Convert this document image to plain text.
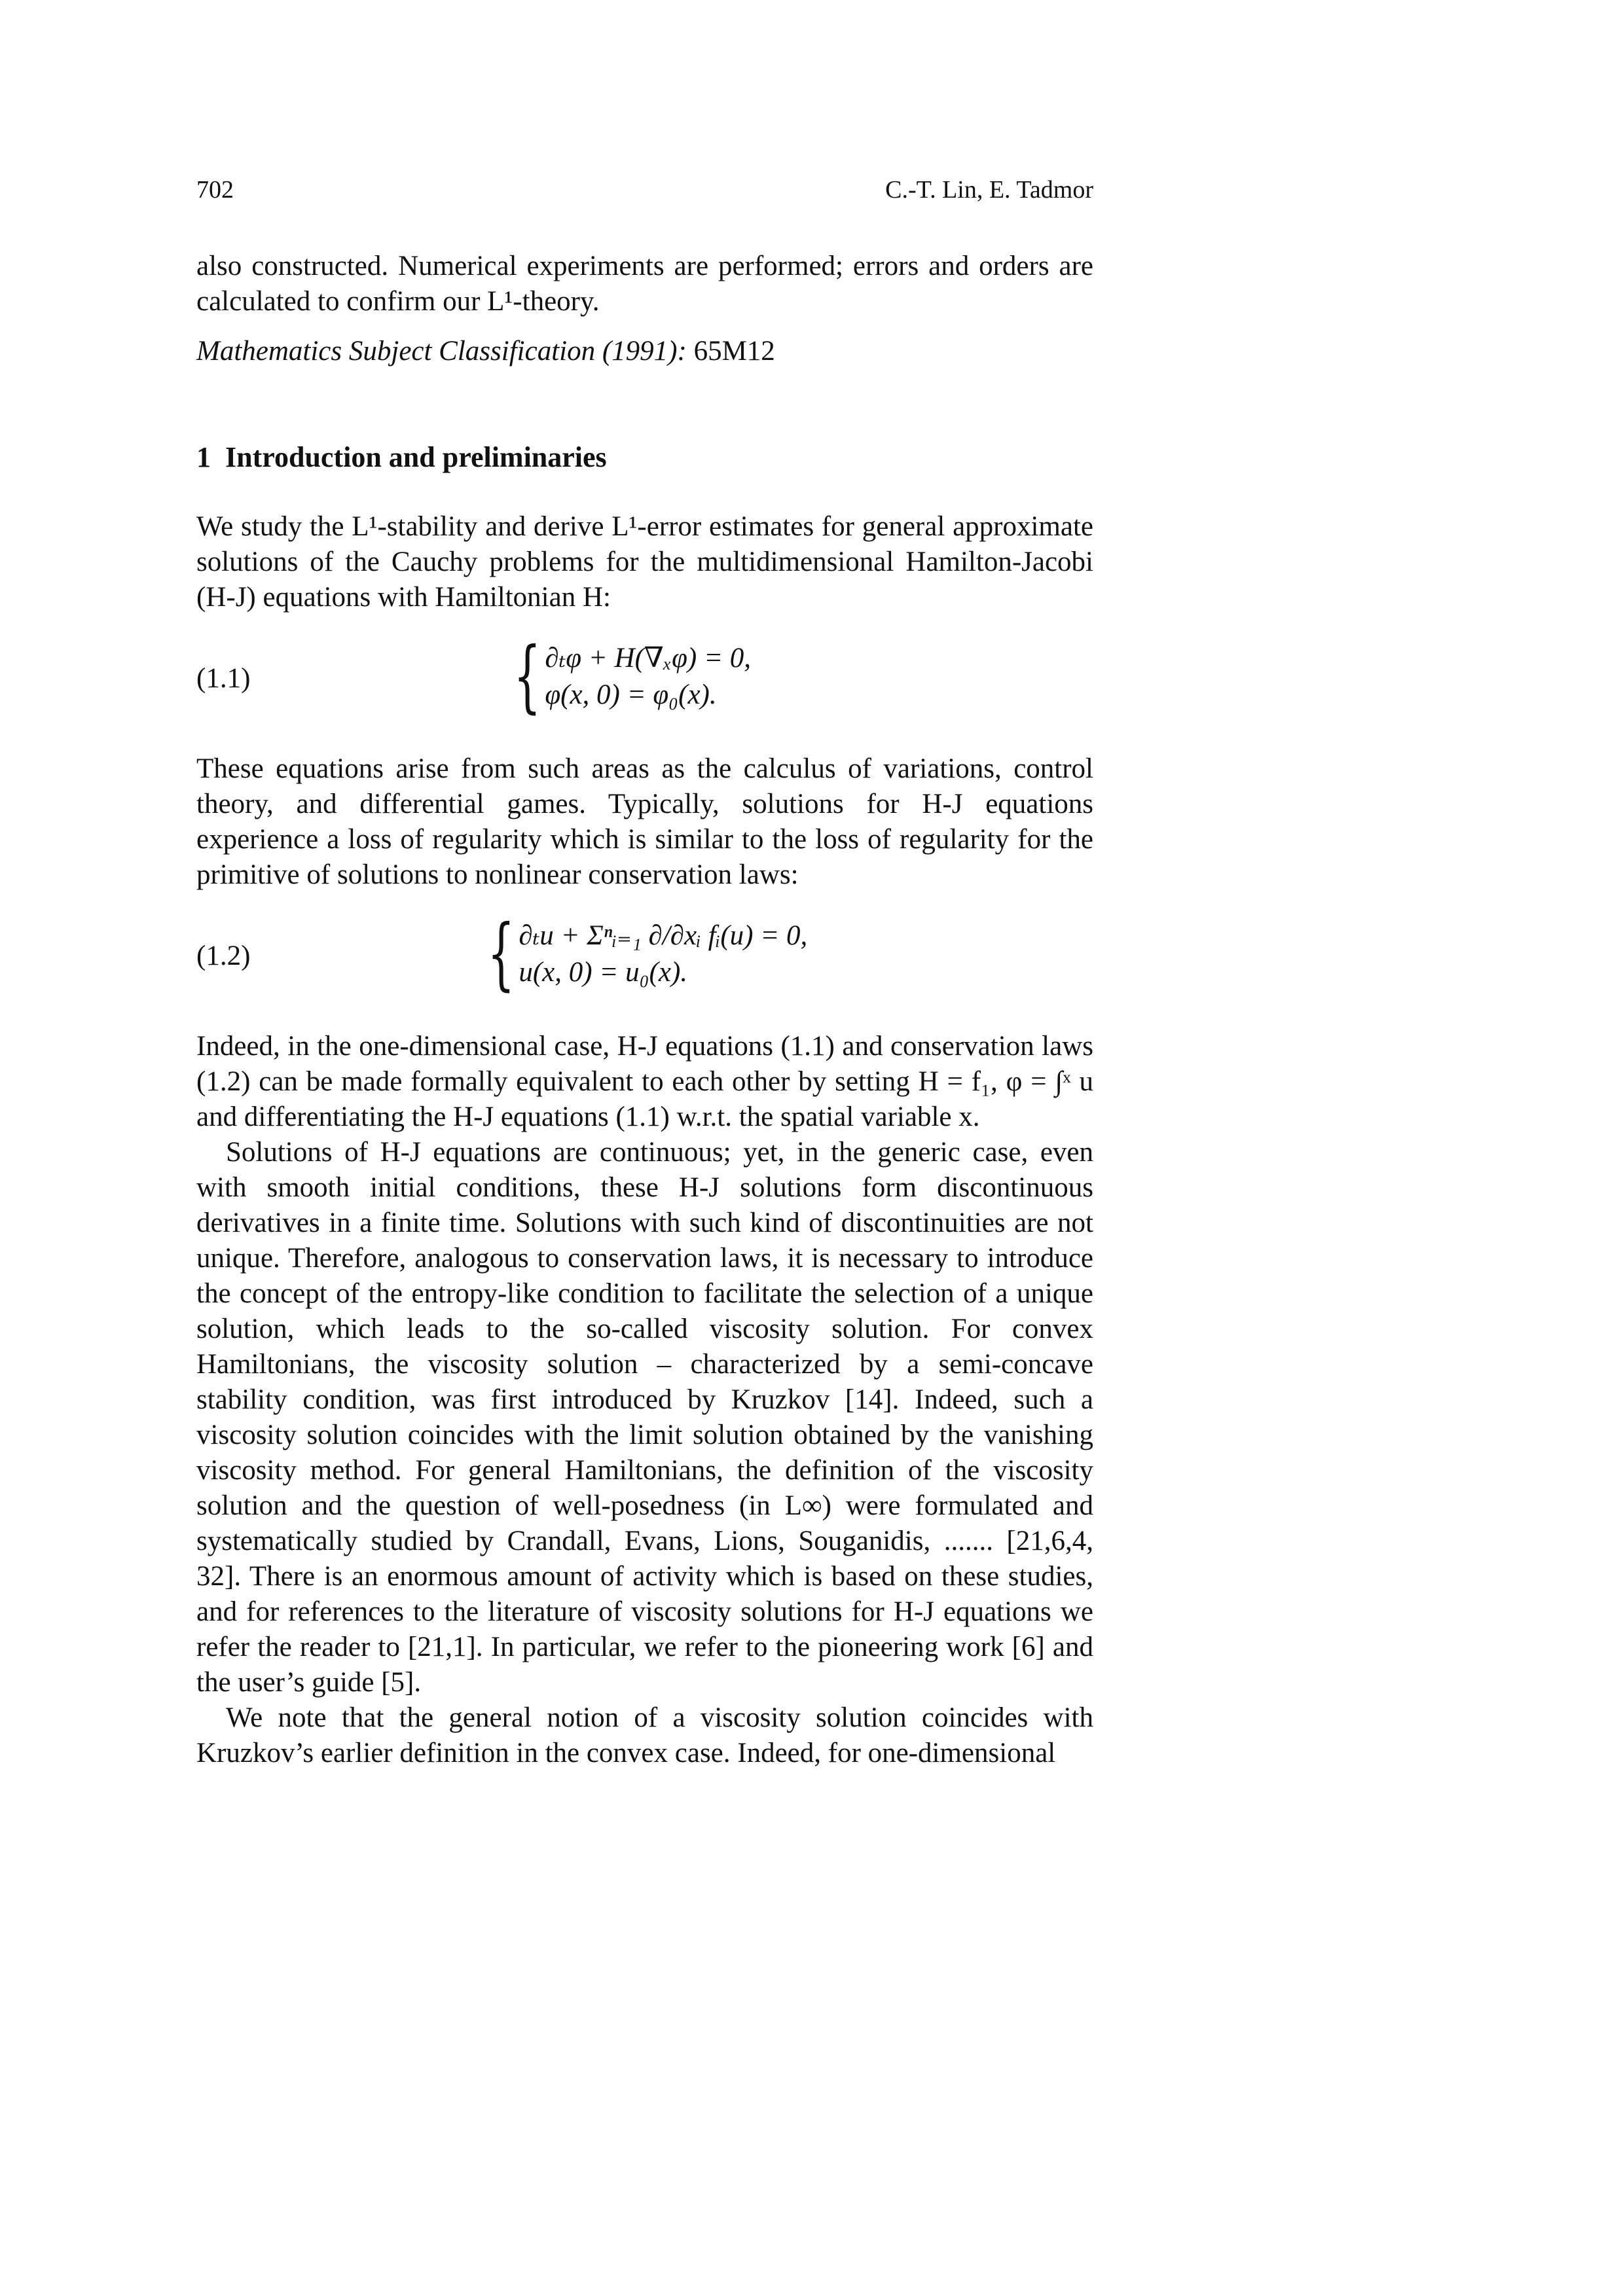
702	C.-T. Lin, E. Tadmor

also constructed. Numerical experiments are performed; errors and orders are calculated to confirm our L¹-theory.

Mathematics Subject Classification (1991): 65M12

1 Introduction and preliminaries

We study the L¹-stability and derive L¹-error estimates for general approximate solutions of the Cauchy problems for the multidimensional Hamilton-Jacobi (H-J) equations with Hamiltonian H:

(1.1)	{ ∂ₜφ + H(∇ₓφ) = 0,
φ(x, 0) = φ₀(x).

These equations arise from such areas as the calculus of variations, control theory, and differential games. Typically, solutions for H-J equations experience a loss of regularity which is similar to the loss of regularity for the primitive of solutions to nonlinear conservation laws:

(1.2)	{ ∂ₜu + Σⁿᵢ₌₁ ∂/∂xᵢ fᵢ(u) = 0,
u(x, 0) = u₀(x).

Indeed, in the one-dimensional case, H-J equations (1.1) and conservation laws (1.2) can be made formally equivalent to each other by setting H = f₁, φ = ∫ˣ u and differentiating the H-J equations (1.1) w.r.t. the spatial variable x.

Solutions of H-J equations are continuous; yet, in the generic case, even with smooth initial conditions, these H-J solutions form discontinuous derivatives in a finite time. Solutions with such kind of discontinuities are not unique. Therefore, analogous to conservation laws, it is necessary to introduce the concept of the entropy-like condition to facilitate the selection of a unique solution, which leads to the so-called viscosity solution. For convex Hamiltonians, the viscosity solution – characterized by a semi-concave stability condition, was first introduced by Kruzkov [14]. Indeed, such a viscosity solution coincides with the limit solution obtained by the vanishing viscosity method. For general Hamiltonians, the definition of the viscosity solution and the question of well-posedness (in L∞) were formulated and systematically studied by Crandall, Evans, Lions, Souganidis, ....... [21,6,4, 32]. There is an enormous amount of activity which is based on these studies, and for references to the literature of viscosity solutions for H-J equations we refer the reader to [21,1]. In particular, we refer to the pioneering work [6] and the user’s guide [5].

We note that the general notion of a viscosity solution coincides with Kruzkov’s earlier definition in the convex case. Indeed, for one-dimensional
